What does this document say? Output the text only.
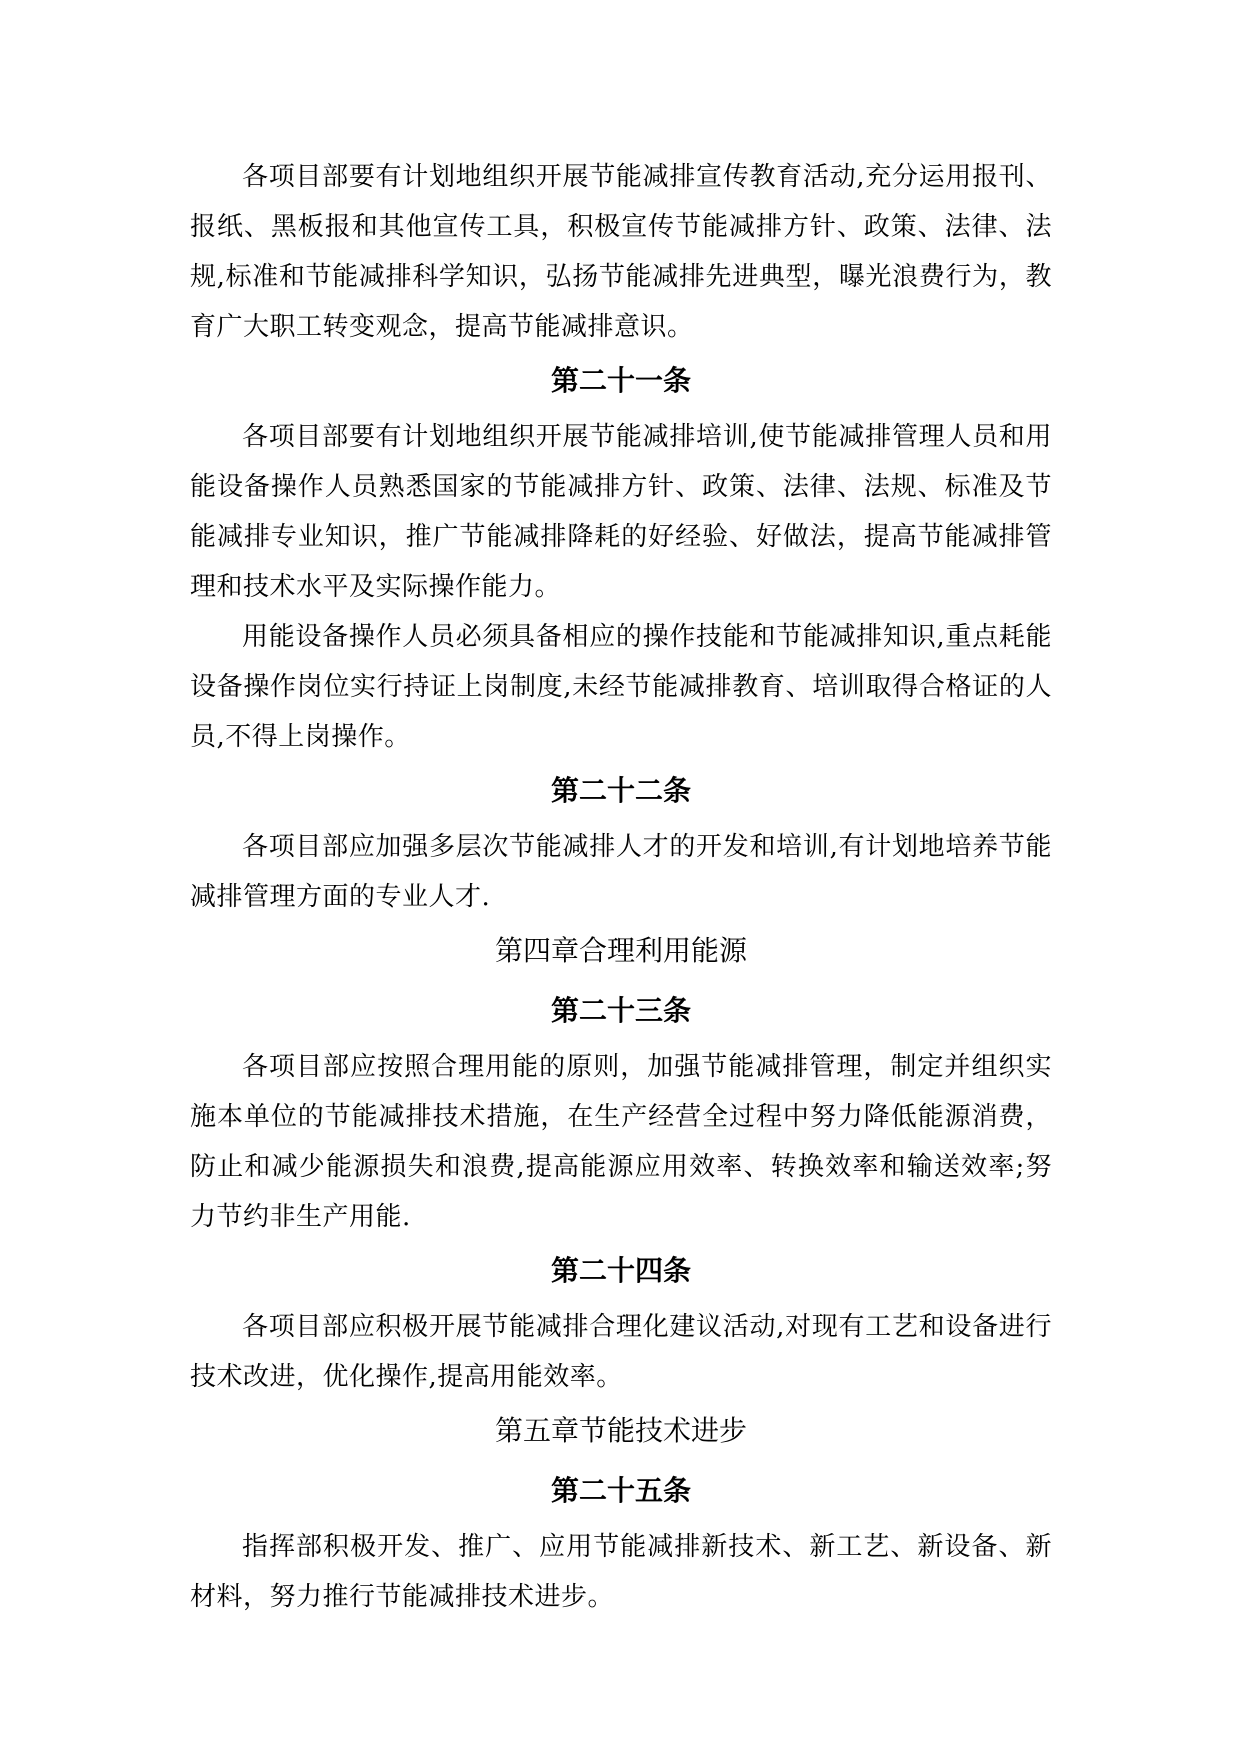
各项目部要有计划地组织开展节能减排宣传教育活动,充分运用报刊、报纸、黑板报和其他宣传工具，积极宣传节能减排方针、政策、法律、法规,标准和节能减排科学知识，弘扬节能减排先进典型，曝光浪费行为，教育广大职工转变观念，提高节能减排意识。

第二十一条

各项目部要有计划地组织开展节能减排培训,使节能减排管理人员和用能设备操作人员熟悉国家的节能减排方针、政策、法律、法规、标准及节能减排专业知识，推广节能减排降耗的好经验、好做法，提高节能减排管理和技术水平及实际操作能力。

用能设备操作人员必须具备相应的操作技能和节能减排知识,重点耗能设备操作岗位实行持证上岗制度,未经节能减排教育、培训取得合格证的人员,不得上岗操作。

第二十二条

各项目部应加强多层次节能减排人才的开发和培训,有计划地培养节能减排管理方面的专业人才.

第四章合理利用能源
第二十三条

各项目部应按照合理用能的原则，加强节能减排管理，制定并组织实施本单位的节能减排技术措施，在生产经营全过程中努力降低能源消费，防止和减少能源损失和浪费,提高能源应用效率、转换效率和输送效率;努力节约非生产用能.

第二十四条

各项目部应积极开展节能减排合理化建议活动,对现有工艺和设备进行技术改进，优化操作,提高用能效率。

第五章节能技术进步
第二十五条

指挥部积极开发、推广、应用节能减排新技术、新工艺、新设备、新材料，努力推行节能减排技术进步。
